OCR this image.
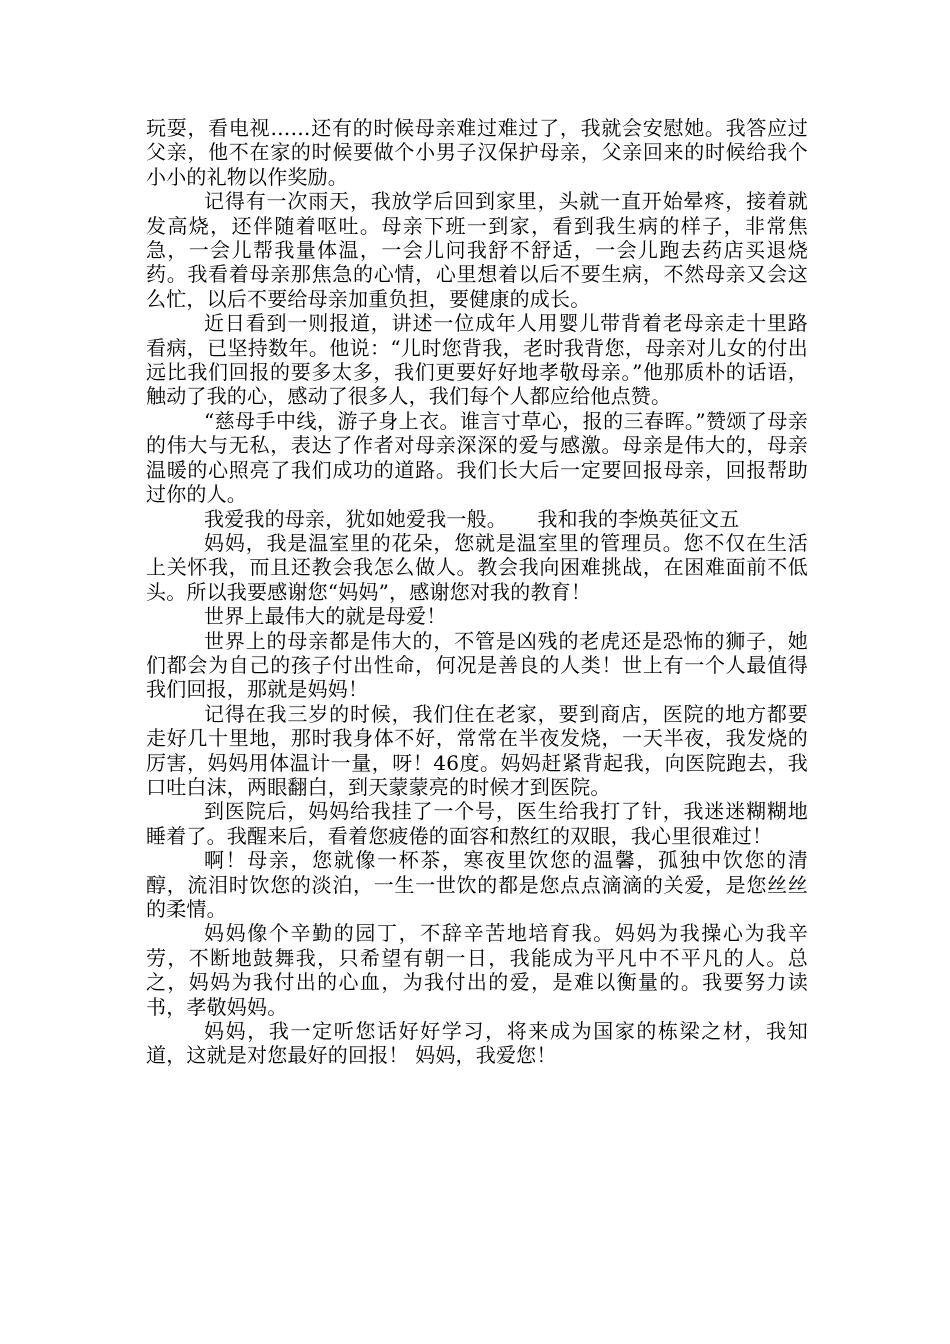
玩耍，看电视……还有的时候母亲难过难过了，我就会安慰她。我答应过父亲，他不在家的时候要做个小男子汉保护母亲，父亲回来的时候给我个小小的礼物以作奖励。

记得有一次雨天，我放学后回到家里，头就一直开始晕疼，接着就发高烧，还伴随着呕吐。母亲下班一到家，看到我生病的样子，非常焦急，一会儿帮我量体温，一会儿问我舒不舒适，一会儿跑去药店买退烧药。我看着母亲那焦急的心情，心里想着以后不要生病，不然母亲又会这么忙，以后不要给母亲加重负担，要健康的成长。

近日看到一则报道，讲述一位成年人用婴儿带背着老母亲走十里路看病，已坚持数年。他说：“儿时您背我，老时我背您，母亲对儿女的付出远比我们回报的要多太多，我们更要好好地孝敬母亲。”他那质朴的话语，触动了我的心，感动了很多人，我们每个人都应给他点赞。

“慈母手中线，游子身上衣。谁言寸草心，报的三春晖。”赞颂了母亲的伟大与无私，表达了作者对母亲深深的爱与感激。母亲是伟大的，母亲温暖的心照亮了我们成功的道路。我们长大后一定要回报母亲，回报帮助过你的人。

我爱我的母亲，犹如她爱我一般。　　我和我的李焕英征文五

妈妈，我是温室里的花朵，您就是温室里的管理员。您不仅在生活上关怀我，而且还教会我怎么做人。教会我向困难挑战，在困难面前不低头。所以我要感谢您“妈妈”，感谢您对我的教育！

世界上最伟大的就是母爱！

世界上的母亲都是伟大的，不管是凶残的老虎还是恐怖的狮子，她们都会为自己的孩子付出性命，何况是善良的人类！世上有一个人最值得我们回报，那就是妈妈！

记得在我三岁的时候，我们住在老家，要到商店，医院的地方都要走好几十里地，那时我身体不好，常常在半夜发烧，一天半夜，我发烧的厉害，妈妈用体温计一量，呀！46度。妈妈赶紧背起我，向医院跑去，我口吐白沫，两眼翻白，到天蒙蒙亮的时候才到医院。

到医院后，妈妈给我挂了一个号，医生给我打了针，我迷迷糊糊地睡着了。我醒来后，看着您疲倦的面容和熬红的双眼，我心里很难过！

啊！母亲，您就像一杯茶，寒夜里饮您的温馨，孤独中饮您的清醇，流泪时饮您的淡泊，一生一世饮的都是您点点滴滴的关爱，是您丝丝的柔情。

妈妈像个辛勤的园丁，不辞辛苦地培育我。妈妈为我操心为我辛劳，不断地鼓舞我，只希望有朝一日，我能成为平凡中不平凡的人。总之，妈妈为我付出的心血，为我付出的爱，是难以衡量的。我要努力读书，孝敬妈妈。

妈妈，我一定听您话好好学习，将来成为国家的栋梁之材，我知道，这就是对您最好的回报！ 妈妈，我爱您！
